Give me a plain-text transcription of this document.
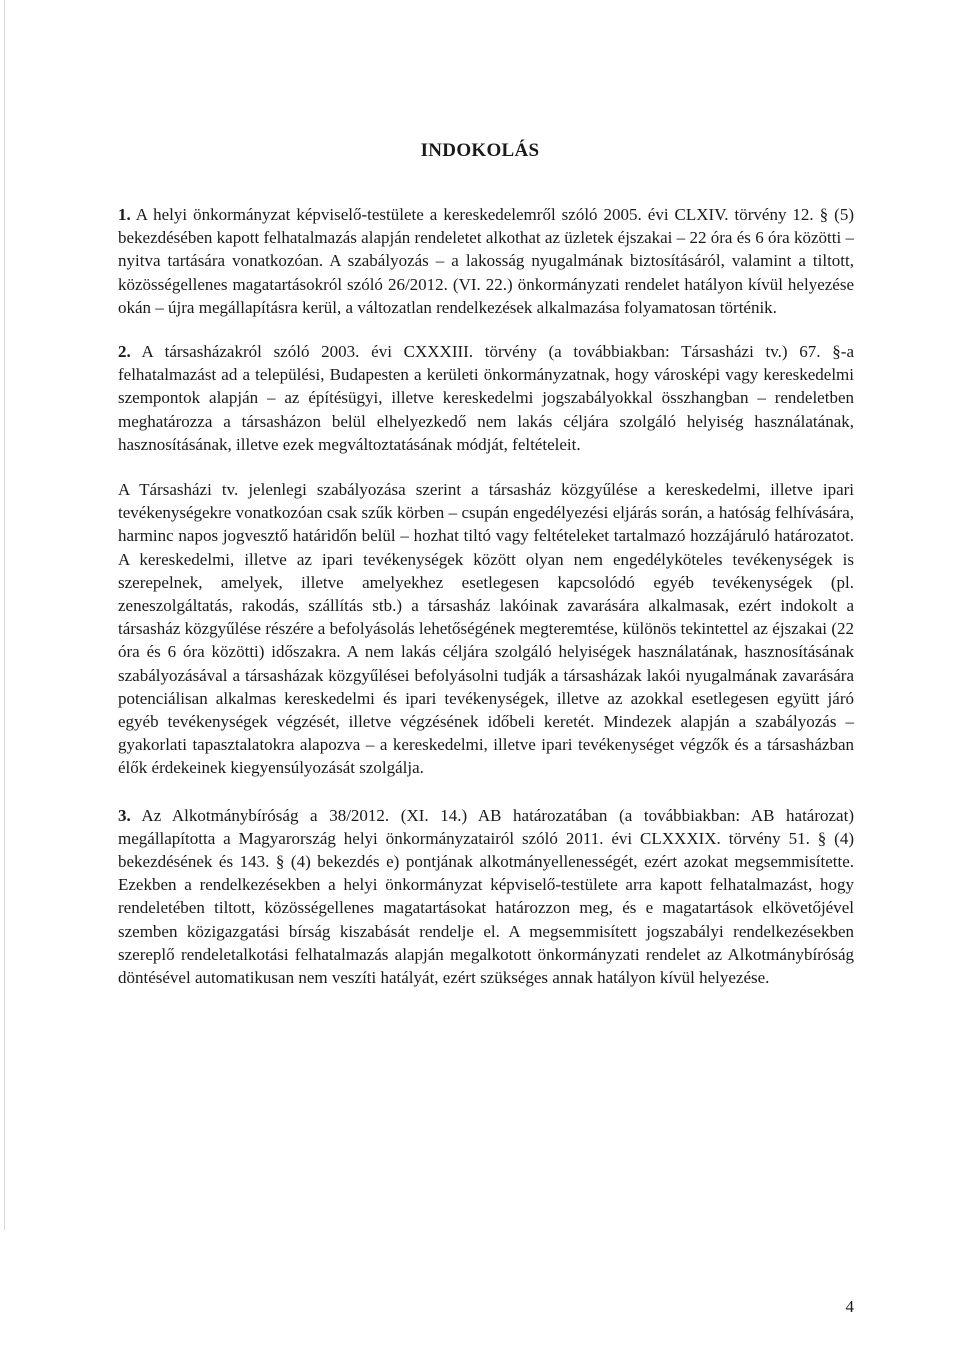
INDOKOLÁS

1. A helyi önkormányzat képviselő-testülete a kereskedelemről szóló 2005. évi CLXIV. törvény 12. § (5) bekezdésében kapott felhatalmazás alapján rendeletet alkothat az üzletek éjszakai – 22 óra és 6 óra közötti – nyitva tartására vonatkozóan. A szabályozás – a lakosság nyugalmának biztosításáról, valamint a tiltott, közösségellenes magatartásokról szóló 26/2012. (VI. 22.) önkormányzati rendelet hatályon kívül helyezése okán – újra megállapításra kerül, a változatlan rendelkezések alkalmazása folyamatosan történik.

2. A társasházakról szóló 2003. évi CXXXIII. törvény (a továbbiakban: Társasházi tv.) 67. §-a felhatalmazást ad a települési, Budapesten a kerületi önkormányzatnak, hogy városképi vagy kereskedelmi szempontok alapján – az építésügyi, illetve kereskedelmi jogszabályokkal összhangban – rendeletben meghatározza a társasházon belül elhelyezkedő nem lakás céljára szolgáló helyiség használatának, hasznosításának, illetve ezek megváltoztatásának módját, feltételeit.

A Társasházi tv. jelenlegi szabályozása szerint a társasház közgyűlése a kereskedelmi, illetve ipari tevékenységekre vonatkozóan csak szűk körben – csupán engedélyezési eljárás során, a hatóság felhívására, harminc napos jogvesztő határidőn belül – hozhat tiltó vagy feltételeket tartalmazó hozzájáruló határozatot. A kereskedelmi, illetve az ipari tevékenységek között olyan nem engedélyköteles tevékenységek is szerepelnek, amelyek, illetve amelyekhez esetlegesen kapcsolódó egyéb tevékenységek (pl. zeneszolgáltatás, rakodás, szállítás stb.) a társasház lakóinak zavarására alkalmasak, ezért indokolt a társasház közgyűlése részére a befolyásolás lehetőségének megteremtése, különös tekintettel az éjszakai (22 óra és 6 óra közötti) időszakra. A nem lakás céljára szolgáló helyiségek használatának, hasznosításának szabályozásával a társasházak közgyűlései befolyásolni tudják a társasházak lakói nyugalmának zavarására potenciálisan alkalmas kereskedelmi és ipari tevékenységek, illetve az azokkal esetlegesen együtt járó egyéb tevékenységek végzését, illetve végzésének időbeli keretét. Mindezek alapján a szabályozás – gyakorlati tapasztalatokra alapozva – a kereskedelmi, illetve ipari tevékenységet végzők és a társasházban élők érdekeinek kiegyensúlyozását szolgálja.

3. Az Alkotmánybíróság a 38/2012. (XI. 14.) AB határozatában (a továbbiakban: AB határozat) megállapította a Magyarország helyi önkormányzatairól szóló 2011. évi CLXXXIX. törvény 51. § (4) bekezdésének és 143. § (4) bekezdés e) pontjának alkotmányellenességét, ezért azokat megsemmisítette. Ezekben a rendelkezésekben a helyi önkormányzat képviselő-testülete arra kapott felhatalmazást, hogy rendeletében tiltott, közösségellenes magatartásokat határozzon meg, és e magatartások elkövetőjével szemben közigazgatási bírság kiszabását rendelje el. A megsemmisített jogszabályi rendelkezésekben szereplő rendeletalkotási felhatalmazás alapján megalkotott önkormányzati rendelet az Alkotmánybíróság döntésével automatikusan nem veszíti hatályát, ezért szükséges annak hatályon kívül helyezése.

4
